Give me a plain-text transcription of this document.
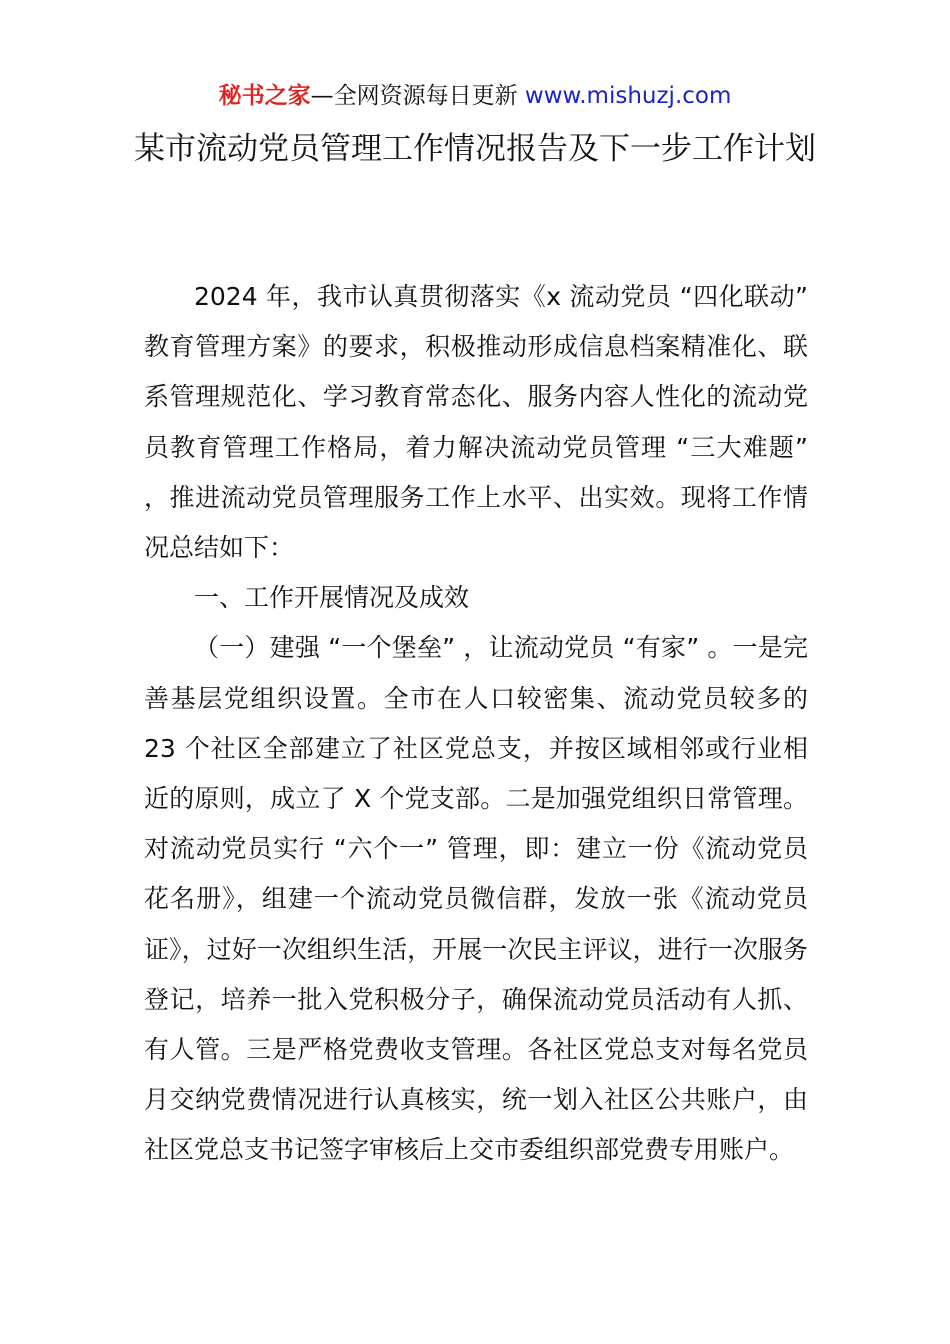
秘书之家—全网资源每日更新 www.mishuzj.com
某市流动党员管理工作情况报告及下一步工作计划

2024 年，我市认真贯彻落实《x 流动党员 “四化联动” 教育管理方案》的要求，积极推动形成信息档案精准化、联系管理规范化、学习教育常态化、服务内容人性化的流动党员教育管理工作格局，着力解决流动党员管理 “三大难题” ，推进流动党员管理服务工作上水平、出实效。现将工作情况总结如下：

一、工作开展情况及成效

（一）建强 “一个堡垒” ，让流动党员 “有家” 。一是完善基层党组织设置。全市在人口较密集、流动党员较多的 23 个社区全部建立了社区党总支，并按区域相邻或行业相近的原则，成立了 X 个党支部。二是加强党组织日常管理。对流动党员实行 “六个一” 管理，即：建立一份《流动党员花名册》，组建一个流动党员微信群，发放一张《流动党员证》，过好一次组织生活，开展一次民主评议，进行一次服务登记，培养一批入党积极分子，确保流动党员活动有人抓、有人管。三是严格党费收支管理。各社区党总支对每名党员月交纳党费情况进行认真核实，统一划入社区公共账户，由社区党总支书记签字审核后上交市委组织部党费专用账户。
